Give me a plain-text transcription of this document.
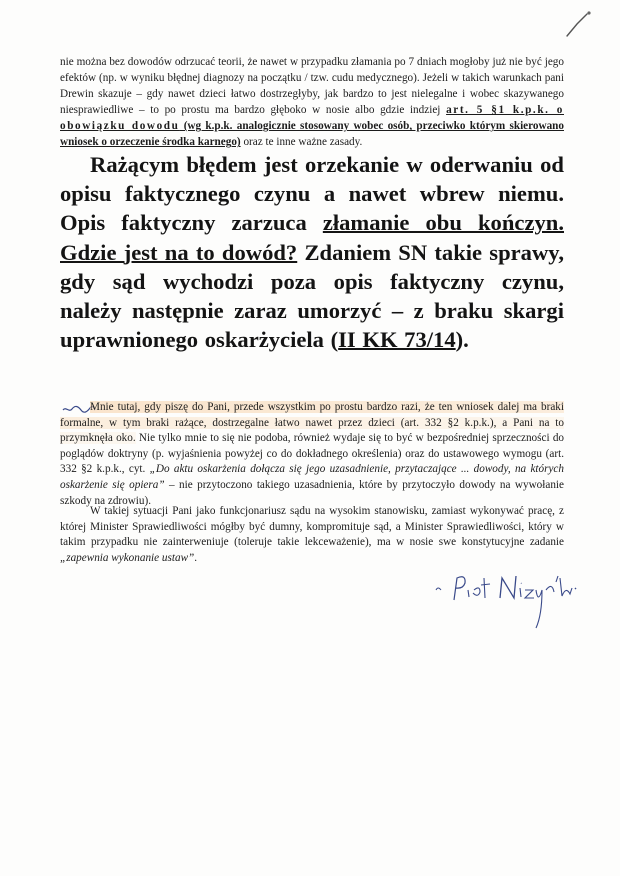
nie można bez dowodów odrzucać teorii, że nawet w przypadku złamania po 7 dniach mogłoby już nie być jego efektów (np. w wyniku błędnej diagnozy na początku / tzw. cudu medycznego). Jeżeli w takich warunkach pani Drewin skazuje – gdy nawet dzieci łatwo dostrzegłyby, jak bardzo to jest nielegalne i wobec skazywanego niesprawiedliwe – to po prostu ma bardzo głęboko w nosie albo gdzie indziej art. 5 §1 k.p.k. o obowiązku dowodu (wg k.p.k. analogicznie stosowany wobec osób, przeciwko którym skierowano wniosek o orzeczenie środka karnego) oraz te inne ważne zasady.
Rażącym błędem jest orzekanie w oderwaniu od opisu faktycznego czynu a nawet wbrew niemu. Opis faktyczny zarzuca złamanie obu kończyn. Gdzie jest na to dowód? Zdaniem SN takie sprawy, gdy sąd wychodzi poza opis faktyczny czynu, należy następnie zaraz umorzyć – z braku skargi uprawnionego oskarżyciela (II KK 73/14).
Mnie tutaj, gdy piszę do Pani, przede wszystkim po prostu bardzo razi, że ten wniosek dalej ma braki formalne, w tym braki rażące, dostrzegalne łatwo nawet przez dzieci (art. 332 §2 k.p.k.), a Pani na to przymknęła oko. Nie tylko mnie to się nie podoba, również wydaje się to być w bezpośredniej sprzeczności do poglądów doktryny (p. wyjaśnienia powyżej co do dokładnego określenia) oraz do ustawowego wymogu (art. 332 §2 k.p.k., cyt. „Do aktu oskarżenia dołącza się jego uzasadnienie, przytaczające ... dowody, na których oskarżenie się opiera” – nie przytoczono takiego uzasadnienia, które by przytoczyło dowody na wywołanie szkody na zdrowiu).
W takiej sytuacji Pani jako funkcjonariusz sądu na wysokim stanowisku, zamiast wykonywać pracę, z której Minister Sprawiedliwości mógłby być dumny, kompromituje sąd, a Minister Sprawiedliwości, który w takim przypadku nie zainterweniuje (toleruje takie lekceważenie), ma w nosie swe konstytucyjne zadanie „zapewnia wykonanie ustaw”.
